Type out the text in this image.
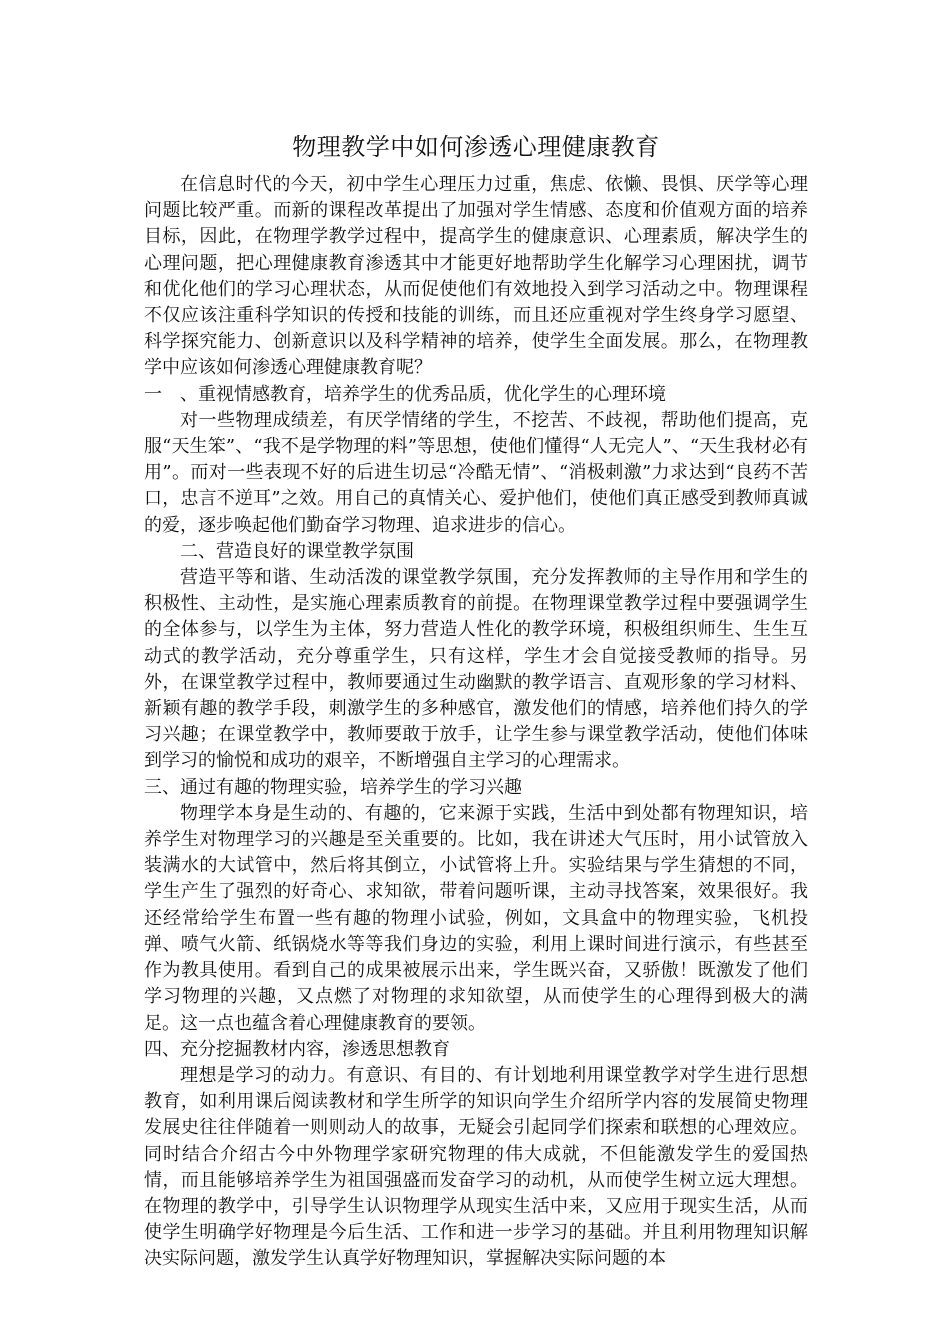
物理教学中如何渗透心理健康教育

在信息时代的今天，初中学生心理压力过重，焦虑、依懒、畏惧、厌学等心理问题比较严重。而新的课程改革提出了加强对学生情感、态度和价值观方面的培养目标，因此，在物理学教学过程中，提高学生的健康意识、心理素质，解决学生的心理问题，把心理健康教育渗透其中才能更好地帮助学生化解学习心理困扰，调节和优化他们的学习心理状态，从而促使他们有效地投入到学习活动之中。物理课程不仅应该注重科学知识的传授和技能的训练，而且还应重视对学生终身学习愿望、科学探究能力、创新意识以及科学精神的培养，使学生全面发展。那么，在物理教学中应该如何渗透心理健康教育呢？

一　、重视情感教育，培养学生的优秀品质，优化学生的心理环境

对一些物理成绩差，有厌学情绪的学生，不挖苦、不歧视，帮助他们提高，克服“天生笨”、“我不是学物理的料”等思想，使他们懂得“人无完人”、“天生我材必有用”。而对一些表现不好的后进生切忌“冷酷无情”、“消极刺激”力求达到“良药不苦口，忠言不逆耳”之效。用自己的真情关心、爱护他们，使他们真正感受到教师真诚的爱，逐步唤起他们勤奋学习物理、追求进步的信心。

二、营造良好的课堂教学氛围

营造平等和谐、生动活泼的课堂教学氛围，充分发挥教师的主导作用和学生的积极性、主动性，是实施心理素质教育的前提。在物理课堂教学过程中要强调学生的全体参与，以学生为主体，努力营造人性化的教学环境，积极组织师生、生生互动式的教学活动，充分尊重学生，只有这样，学生才会自觉接受教师的指导。另外，在课堂教学过程中，教师要通过生动幽默的教学语言、直观形象的学习材料、新颖有趣的教学手段，刺激学生的多种感官，激发他们的情感，培养他们持久的学习兴趣；在课堂教学中，教师要敢于放手，让学生参与课堂教学活动，使他们体味到学习的愉悦和成功的艰辛，不断增强自主学习的心理需求。

三、通过有趣的物理实验，培养学生的学习兴趣

物理学本身是生动的、有趣的，它来源于实践，生活中到处都有物理知识，培养学生对物理学习的兴趣是至关重要的。比如，我在讲述大气压时，用小试管放入装满水的大试管中，然后将其倒立，小试管将上升。实验结果与学生猜想的不同，学生产生了强烈的好奇心、求知欲，带着问题听课，主动寻找答案，效果很好。我还经常给学生布置一些有趣的物理小试验，例如，文具盒中的物理实验，飞机投弹、喷气火箭、纸锅烧水等等我们身边的实验，利用上课时间进行演示，有些甚至作为教具使用。看到自己的成果被展示出来，学生既兴奋，又骄傲！既激发了他们学习物理的兴趣，又点燃了对物理的求知欲望，从而使学生的心理得到极大的满足。这一点也蕴含着心理健康教育的要领。

四、充分挖掘教材内容，渗透思想教育

理想是学习的动力。有意识、有目的、有计划地利用课堂教学对学生进行思想教育，如利用课后阅读教材和学生所学的知识向学生介绍所学内容的发展简史物理发展史往往伴随着一则则动人的故事，无疑会引起同学们探索和联想的心理效应。同时结合介绍古今中外物理学家研究物理的伟大成就，不但能激发学生的爱国热情，而且能够培养学生为祖国强盛而发奋学习的动机，从而使学生树立远大理想。在物理的教学中，引导学生认识物理学从现实生活中来，又应用于现实生活，从而使学生明确学好物理是今后生活、工作和进一步学习的基础。并且利用物理知识解决实际问题，激发学生认真学好物理知识，掌握解决实际问题的本
